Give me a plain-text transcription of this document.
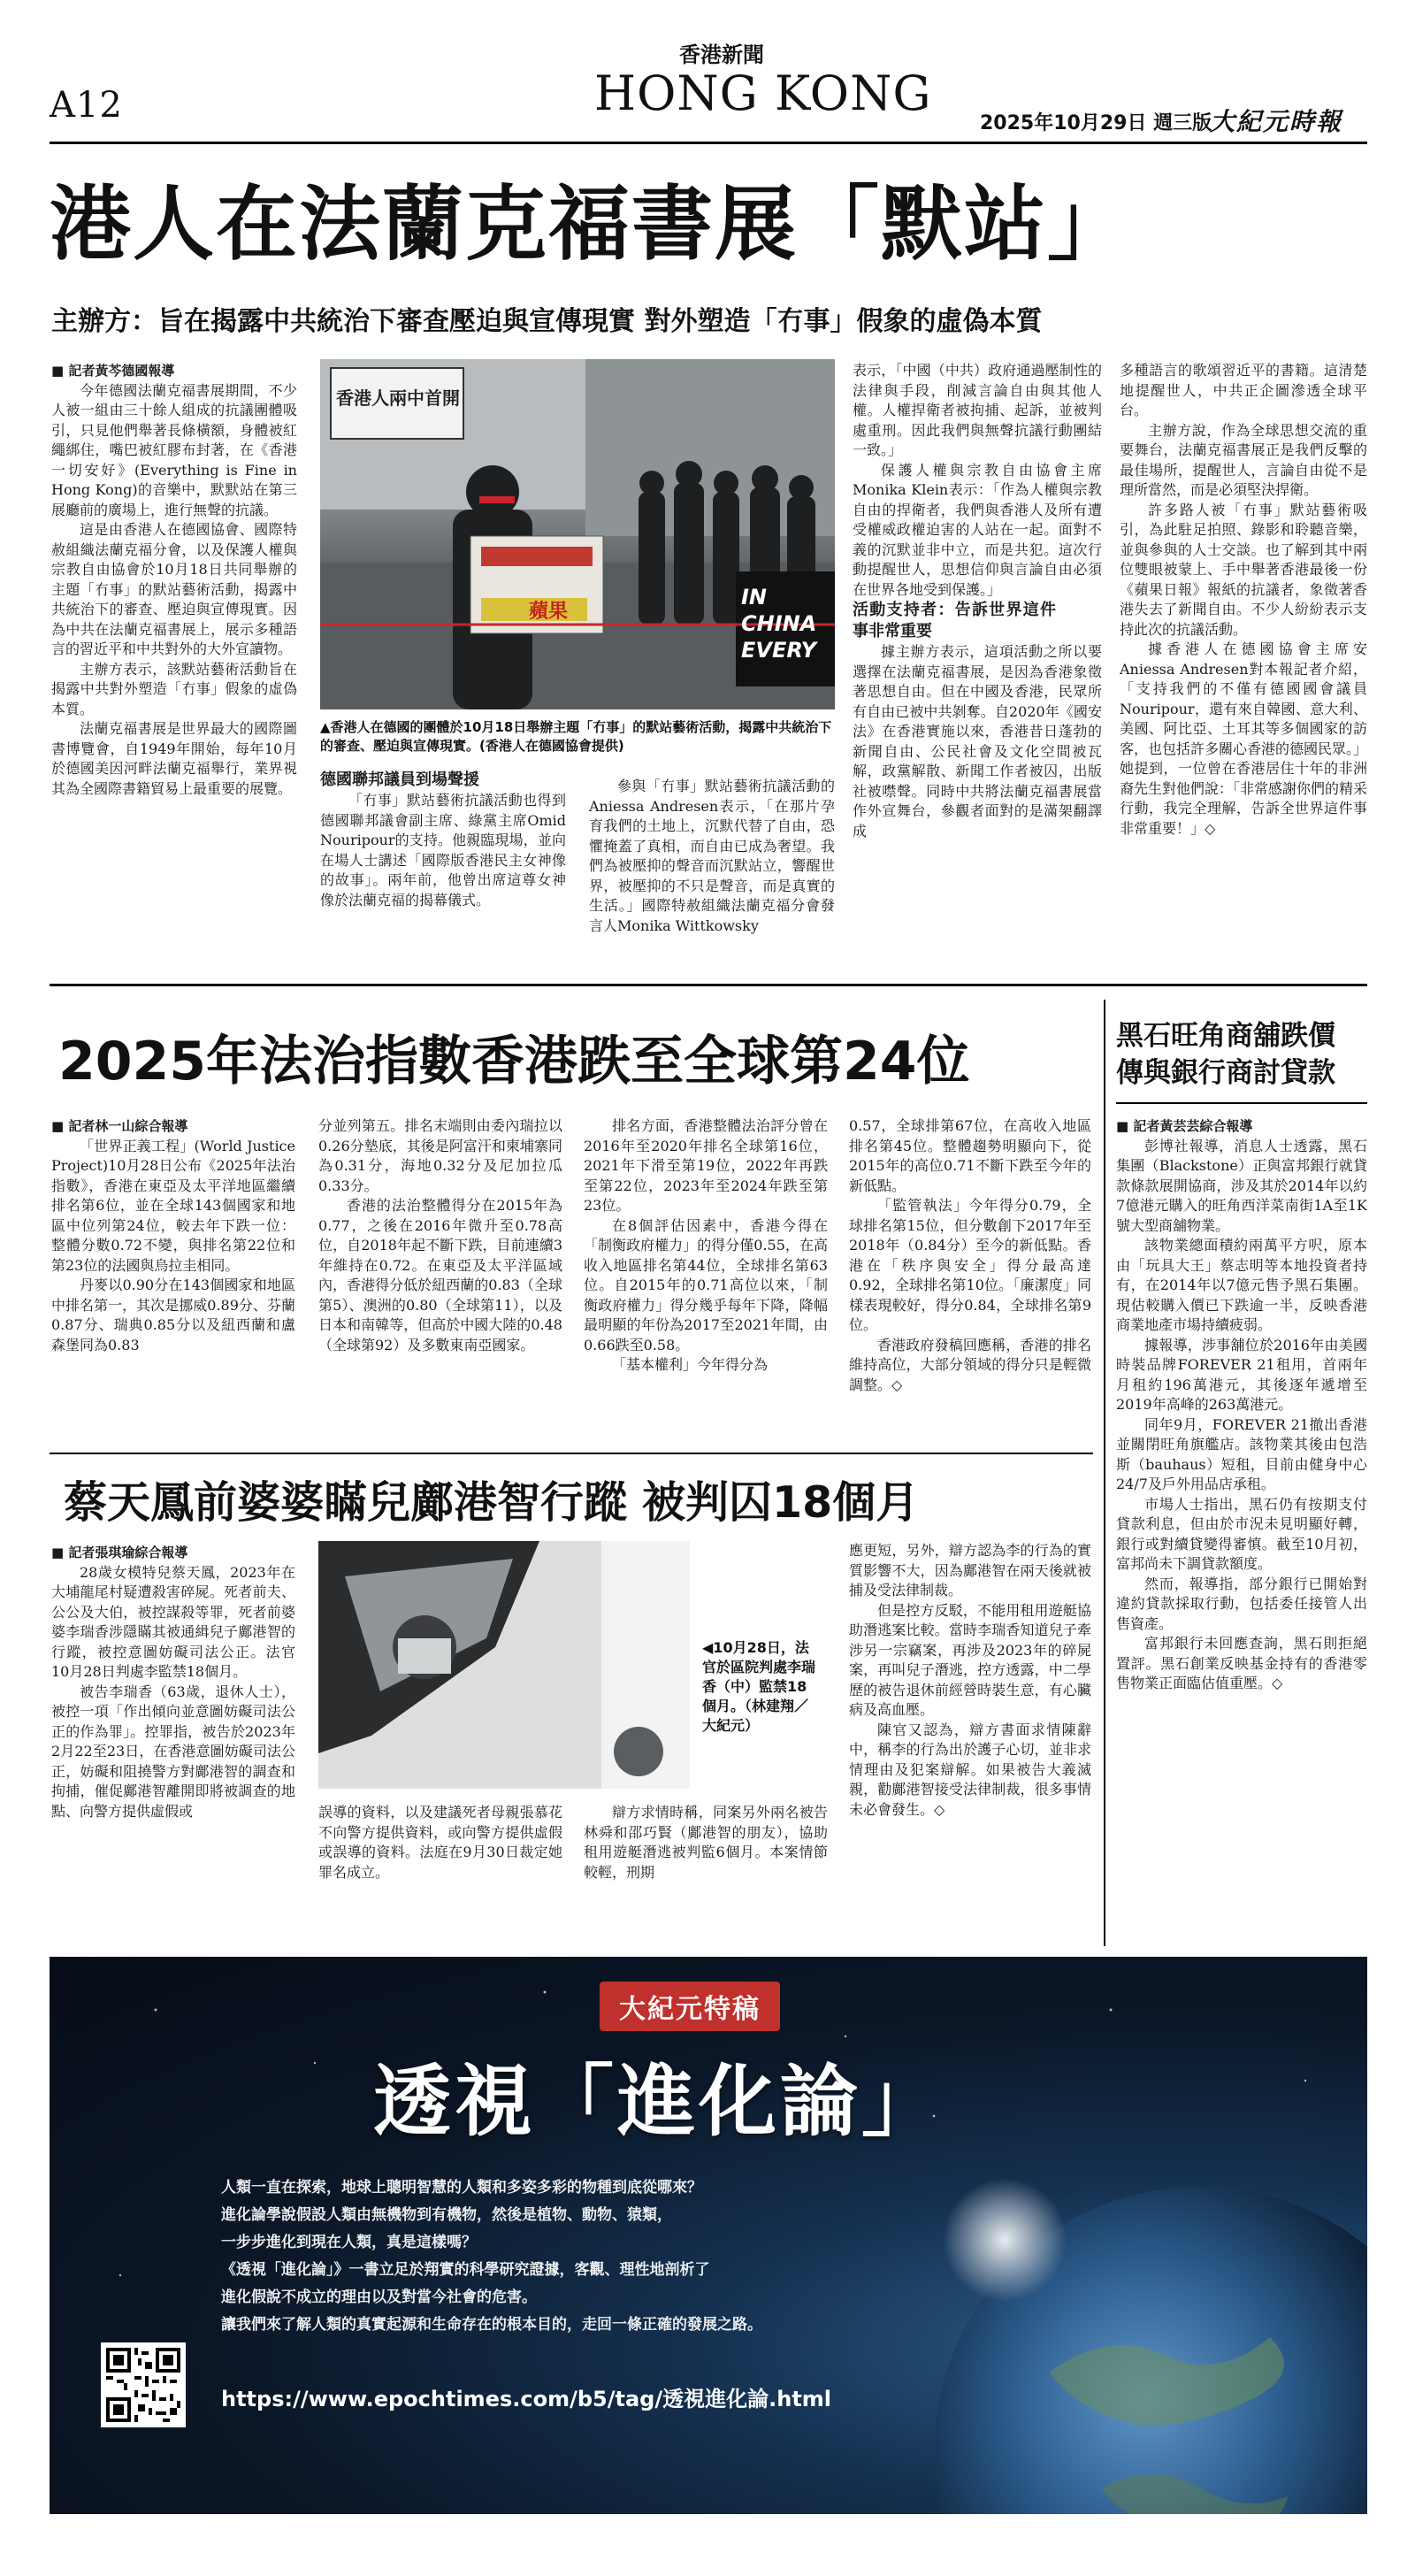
A12
香港新聞
HONG KONG
2025年10月29日 週三版
大紀元時報
港人在法蘭克福書展「默站」
主辦方：旨在揭露中共統治下審查壓迫與宣傳現實 對外塑造「冇事」假象的虛偽本質

■ 記者黃芩德國報導

今年德國法蘭克福書展期間，不少人被一組由三十餘人組成的抗議團體吸引，只見他們舉著長條橫額，身體被紅繩綁住，嘴巴被紅膠布封著，在《香港一切安好》(Everything is Fine in Hong Kong)的音樂中，默默站在第三展廳前的廣場上，進行無聲的抗議。

這是由香港人在德國協會、國際特赦組織法蘭克福分會，以及保護人權與宗教自由協會於10月18日共同舉辦的主題「冇事」的默站藝術活動，揭露中共統治下的審查、壓迫與宣傳現實。因為中共在法蘭克福書展上，展示多種語言的習近平和中共對外的大外宣讀物。

主辦方表示，該默站藝術活動旨在揭露中共對外塑造「冇事」假象的虛偽本質。

法蘭克福書展是世界最大的國際圖書博覽會，自1949年開始，每年10月於德國美因河畔法蘭克福舉行，業界視其為全國際書籍貿易上最重要的展覽。

香港人兩中首開
蘋果
IN CHINA
EVERY
▲香港人在德國的團體於10月18日舉辦主題「冇事」的默站藝術活動，揭露中共統治下的審查、壓迫與宣傳現實。(香港人在德國協會提供)

德國聯邦議員到場聲援

「冇事」默站藝術抗議活動也得到德國聯邦議會副主席、綠黨主席Omid Nouripour的支持。他親臨現場，並向在場人士講述「國際版香港民主女神像的故事」。兩年前，他曾出席這尊女神像於法蘭克福的揭幕儀式。

參與「冇事」默站藝術抗議活動的Aniessa Andresen表示，「在那片孕育我們的土地上，沉默代替了自由，恐懼掩蓋了真相，而自由已成為奢望。我們為被壓抑的聲音而沉默站立，響醒世界，被壓抑的不只是聲音，而是真實的生活。」國際特赦組織法蘭克福分會發言人Monika Wittkowsky

表示，「中國（中共）政府通過壓制性的法律與手段，削減言論自由與其他人權。人權捍衛者被拘捕、起訴，並被判處重刑。因此我們與無聲抗議行動團結一致。」

保護人權與宗教自由協會主席Monika Klein表示：「作為人權與宗教自由的捍衛者，我們與香港人及所有遭受權威政權迫害的人站在一起。面對不義的沉默並非中立，而是共犯。這次行動提醒世人，思想信仰與言論自由必須在世界各地受到保護。」

活動支持者：告訴世界這件事非常重要

據主辦方表示，這項活動之所以要選擇在法蘭克福書展，是因為香港象徵著思想自由。但在中國及香港，民眾所有自由已被中共剝奪。自2020年《國安法》在香港實施以來，香港昔日蓬勃的新聞自由、公民社會及文化空間被瓦解，政黨解散、新聞工作者被囚，出版社被噤聲。同時中共將法蘭克福書展當作外宣舞台，參觀者面對的是滿架翻譯成

多種語言的歌頌習近平的書籍。這清楚地提醒世人，中共正企圖滲透全球平台。

主辦方說，作為全球思想交流的重要舞台，法蘭克福書展正是我們反擊的最佳場所，提醒世人，言論自由從不是理所當然，而是必須堅決捍衛。

許多路人被「冇事」默站藝術吸引，為此駐足拍照、錄影和聆聽音樂，並與參與的人士交談。也了解到其中兩位雙眼被蒙上、手中舉著香港最後一份《蘋果日報》報紙的抗議者，象徵著香港失去了新聞自由。不少人紛紛表示支持此次的抗議活動。

據香港人在德國協會主席安Aniessa Andresen對本報記者介紹，「支持我們的不僅有德國國會議員Nouripour，還有來自韓國、意大利、美國、阿比亞、土耳其等多個國家的訪客，也包括許多關心香港的德國民眾。」她提到，一位曾在香港居住十年的非洲裔先生對他們說：「非常感謝你們的精采行動，我完全理解，告訴全世界這件事非常重要！」◇

2025年法治指數香港跌至全球第24位

■ 記者林一山綜合報導

「世界正義工程」(World Justice Project)10月28日公布《2025年法治指數》，香港在東亞及太平洋地區繼續排名第6位，並在全球143個國家和地區中位列第24位，較去年下跌一位：整體分數0.72不變，與排名第22位和第23位的法國與烏拉圭相同。

丹麥以0.90分在143個國家和地區中排名第一，其次是挪威0.89分、芬蘭0.87分、瑞典0.85分以及紐西蘭和盧森堡同為0.83

分並列第五。排名末端則由委內瑞拉以0.26分墊底，其後是阿富汗和柬埔寨同為0.31分，海地0.32分及尼加拉瓜0.33分。

香港的法治整體得分在2015年為0.77，之後在2016年微升至0.78高位，自2018年起不斷下跌，目前連續3年維持在0.72。在東亞及太平洋區域內，香港得分低於紐西蘭的0.83（全球第5）、澳洲的0.80（全球第11），以及日本和南韓等，但高於中國大陸的0.48（全球第92）及多數東南亞國家。

排名方面，香港整體法治評分曾在2016年至2020年排名全球第16位，2021年下滑至第19位，2022年再跌至第22位，2023年至2024年跌至第23位。

在8個評估因素中，香港今得在「制衡政府權力」的得分僅0.55，在高收入地區排名第44位，全球排名第63位。自2015年的0.71高位以來，「制衡政府權力」得分幾乎每年下降，降幅最明顯的年份為2017至2021年間，由0.66跌至0.58。

「基本權利」今年得分為

0.57，全球排第67位，在高收入地區排名第45位。整體趨勢明顯向下，從2015年的高位0.71不斷下跌至今年的新低點。

「監管執法」今年得分0.79，全球排名第15位，但分數創下2017年至2018年（0.84分）至今的新低點。香港在「秩序與安全」得分最高達0.92，全球排名第10位。「廉潔度」同樣表現較好，得分0.84，全球排名第9位。

香港政府發稿回應稱，香港的排名維持高位，大部分領域的得分只是輕微調整。◇

蔡天鳳前婆婆瞞兒鄺港智行蹤 被判囚18個月

■ 記者張琪瑜綜合報導

28歲女模特兒蔡天鳳，2023年在大埔龍尾村疑遭殺害碎屍。死者前夫、公公及大伯，被控謀殺等罪，死者前婆婆李瑞香涉隱瞞其被通緝兒子鄺港智的行蹤，被控意圖妨礙司法公正。法官10月28日判處李監禁18個月。

被告李瑞香（63歲，退休人士），被控一項「作出傾向並意圖妨礙司法公正的作為罪」。控罪指，被告於2023年2月22至23日，在香港意圖妨礙司法公正，妨礙和阻撓警方對鄺港智的調查和拘捕，催促鄺港智離開即將被調查的地點、向警方提供虛假或

◀10月28日，法官於區院判處李瑞香（中）監禁18個月。（林建翔／大紀元）

誤導的資料，以及建議死者母親張慕花不向警方提供資料，或向警方提供虛假或誤導的資料。法庭在9月30日裁定她罪名成立。

辯方求情時稱，同案另外兩名被告林舜和邵巧賢（鄺港智的朋友），協助租用遊艇潛逃被判監6個月。本案情節較輕，刑期

應更短，另外，辯方認為李的行為的實質影響不大，因為鄺港智在兩天後就被捕及受法律制裁。

但是控方反駁，不能用租用遊艇協助潛逃案比較。當時李瑞香知道兒子牽涉另一宗竊案，再涉及2023年的碎屍案，再叫兒子潛逃，控方透露，中二學歷的被告退休前經營時裝生意，有心臟病及高血壓。

陳官又認為，辯方書面求情陳辭中，稱李的行為出於護子心切，並非求情理由及犯案辯解。如果被告大義滅親，勸鄺港智接受法律制裁，很多事情未必會發生。◇

黑石旺角商舖跌價
傳與銀行商討貸款

■ 記者黃芸芸綜合報導

彭博社報導，消息人士透露，黑石集團（Blackstone）正與富邦銀行就貸款條款展開協商，涉及其於2014年以約7億港元購入的旺角西洋菜南街1A至1K號大型商舖物業。

該物業總面積約兩萬平方呎，原本由「玩具大王」蔡志明等本地投資者持有，在2014年以7億元售予黑石集團。現估較購入價已下跌逾一半，反映香港商業地產市場持續疲弱。

據報導，涉事舖位於2016年由美國時裝品牌FOREVER 21租用，首兩年月租約196萬港元，其後逐年遞增至2019年高峰的263萬港元。

同年9月，FOREVER 21撤出香港並關閉旺角旗艦店。該物業其後由包浩斯（bauhaus）短租，目前由健身中心24/7及戶外用品店承租。

市場人士指出，黑石仍有按期支付貸款利息，但由於市況未見明顯好轉，銀行或對續貸變得審慎。截至10月初，富邦尚未下調貸款額度。

然而，報導指，部分銀行已開始對違約貸款採取行動，包括委任接管人出售資產。

富邦銀行未回應查詢，黑石則拒絕置評。黑石創業反映基金持有的香港零售物業正面臨估值重壓。◇

大紀元特稿
透視「進化論」
人類一直在探索，地球上聰明智慧的人類和多姿多彩的物種到底從哪來？
進化論學說假設人類由無機物到有機物，然後是植物、動物、猿類，
一步步進化到現在人類，真是這樣嗎？
《透視「進化論」》一書立足於翔實的科學研究證據，客觀、理性地剖析了
進化假說不成立的理由以及對當今社會的危害。
讓我們來了解人類的真實起源和生命存在的根本目的，走回一條正確的發展之路。
https://www.epochtimes.com/b5/tag/透視進化論.html
